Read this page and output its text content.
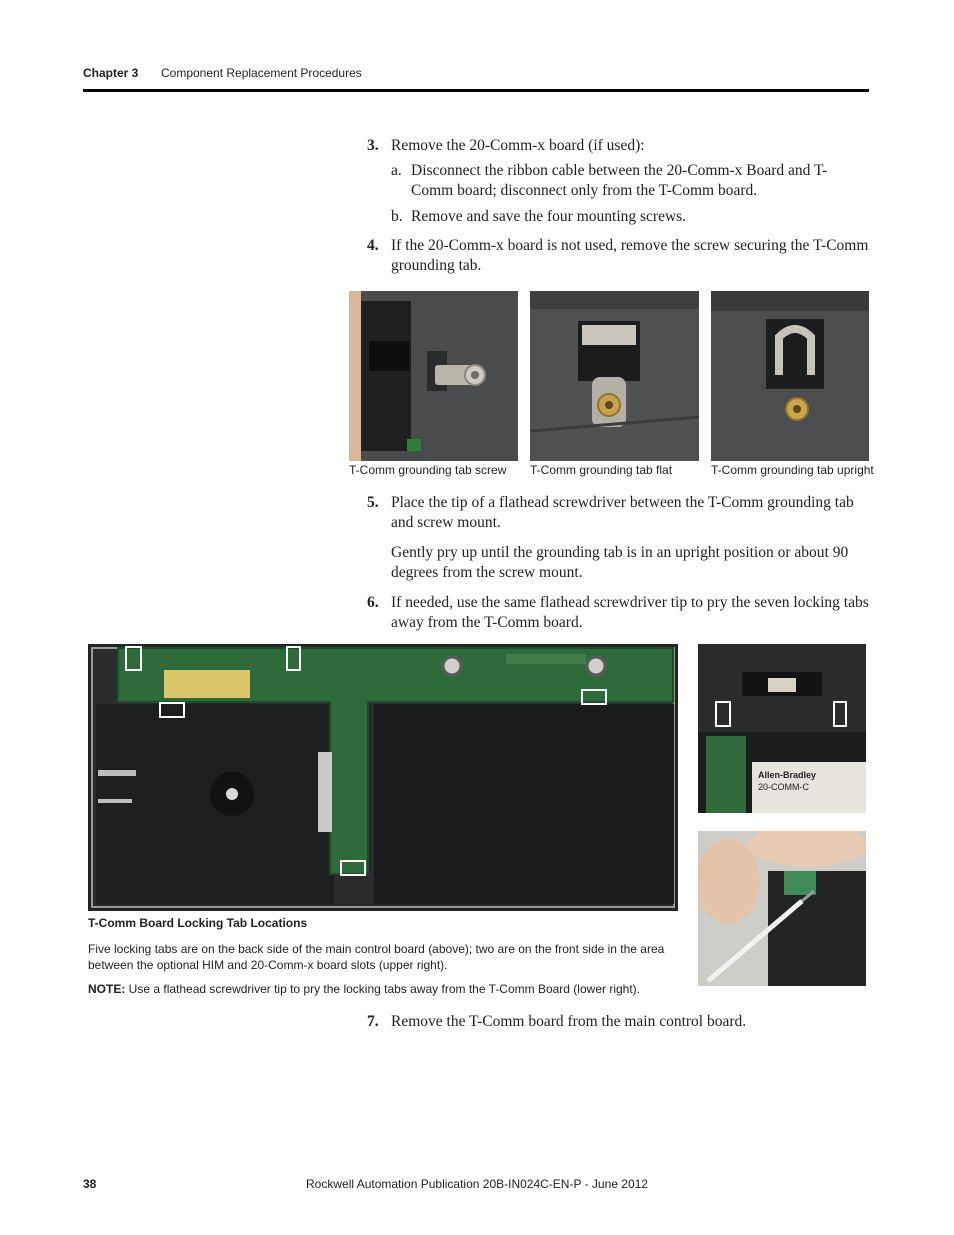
Chapter 3 Component Replacement Procedures
3. Remove the 20-Comm-x board (if used):
a. Disconnect the ribbon cable between the 20-Comm-x Board and T-Comm board; disconnect only from the T-Comm board.
b. Remove and save the four mounting screws.
4. If the 20-Comm-x board is not used, remove the screw securing the T-Comm grounding tab.
T-Comm grounding tab screw T-Comm grounding tab flat	T-Comm grounding tab upright
5. Place the tip of a flathead screwdriver between the T-Comm grounding tab and screw mount.
Gently pry up until the grounding tab is in an upright position or about 90 degrees from the screw mount.
6. If needed, use the same flathead screwdriver tip to pry the seven locking tabs away from the T-Comm board.
Allen-Bradley
20-COMM-C
T-Comm Board Locking Tab Locations
Five locking tabs are on the back side of the main control board (above); two are on the front side in the area between the optional HIM and 20-Comm-x board slots (upper right).
NOTE: Use a flathead screwdriver tip to pry the locking tabs away from the T-Comm Board (lower right).
7. Remove the T-Comm board from the main control board.
38	Rockwell Automation Publication 20B-IN024C-EN-P - June 2012
